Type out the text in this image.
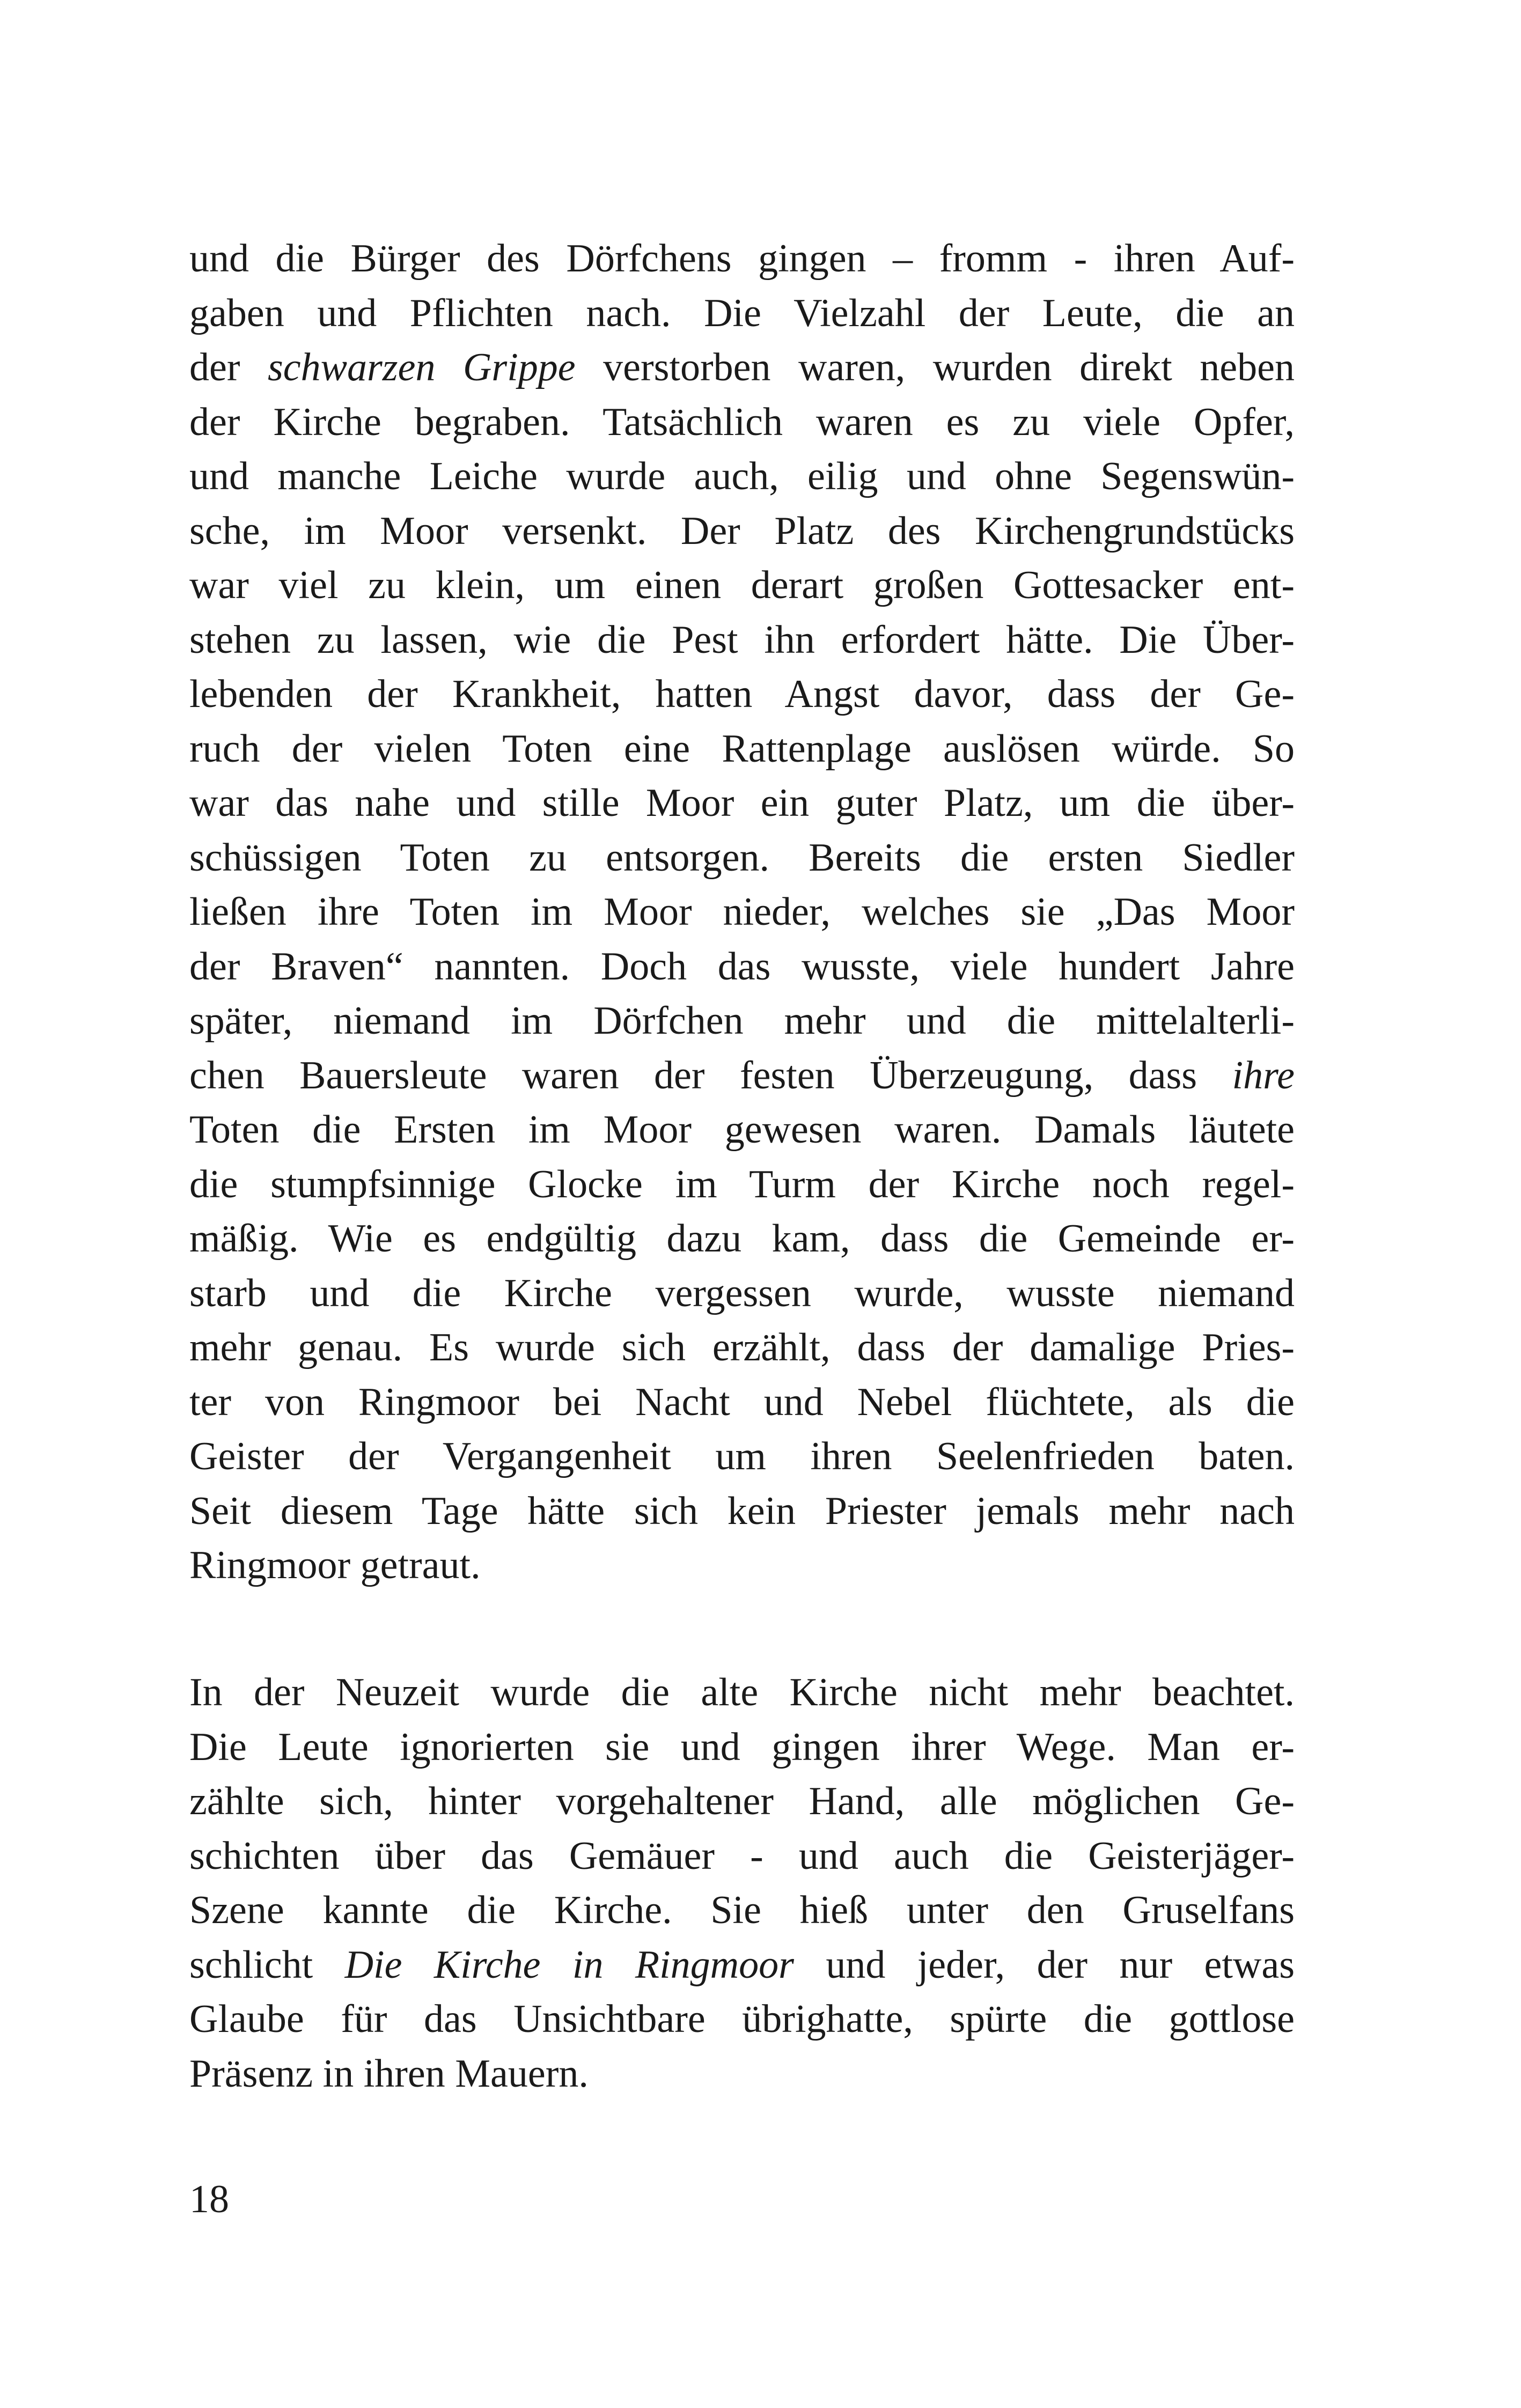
und die Bürger des Dörfchens gingen – fromm - ihren Auf-
gaben und Pflichten nach. Die Vielzahl der Leute, die an
der schwarzen Grippe verstorben waren, wurden direkt neben
der Kirche begraben. Tatsächlich waren es zu viele Opfer,
und manche Leiche wurde auch, eilig und ohne Segenswün-
sche, im Moor versenkt. Der Platz des Kirchengrundstücks
war viel zu klein, um einen derart großen Gottesacker ent-
stehen zu lassen, wie die Pest ihn erfordert hätte. Die Über-
lebenden der Krankheit, hatten Angst davor, dass der Ge-
ruch der vielen Toten eine Rattenplage auslösen würde. So
war das nahe und stille Moor ein guter Platz, um die über-
schüssigen Toten zu entsorgen. Bereits die ersten Siedler
ließen ihre Toten im Moor nieder, welches sie „Das Moor
der Braven“ nannten. Doch das wusste, viele hundert Jahre
später, niemand im Dörfchen mehr und die mittelalterli-
chen Bauersleute waren der festen Überzeugung, dass ihre
Toten die Ersten im Moor gewesen waren. Damals läutete
die stumpfsinnige Glocke im Turm der Kirche noch regel-
mäßig. Wie es endgültig dazu kam, dass die Gemeinde er-
starb und die Kirche vergessen wurde, wusste niemand
mehr genau. Es wurde sich erzählt, dass der damalige Pries-
ter von Ringmoor bei Nacht und Nebel flüchtete, als die
Geister der Vergangenheit um ihren Seelenfrieden baten.
Seit diesem Tage hätte sich kein Priester jemals mehr nach
Ringmoor getraut.
In der Neuzeit wurde die alte Kirche nicht mehr beachtet.
Die Leute ignorierten sie und gingen ihrer Wege. Man er-
zählte sich, hinter vorgehaltener Hand, alle möglichen Ge-
schichten über das Gemäuer - und auch die Geisterjäger-
Szene kannte die Kirche. Sie hieß unter den Gruselfans
schlicht Die Kirche in Ringmoor und jeder, der nur etwas
Glaube für das Unsichtbare übrighatte, spürte die gottlose
Präsenz in ihren Mauern.
18
